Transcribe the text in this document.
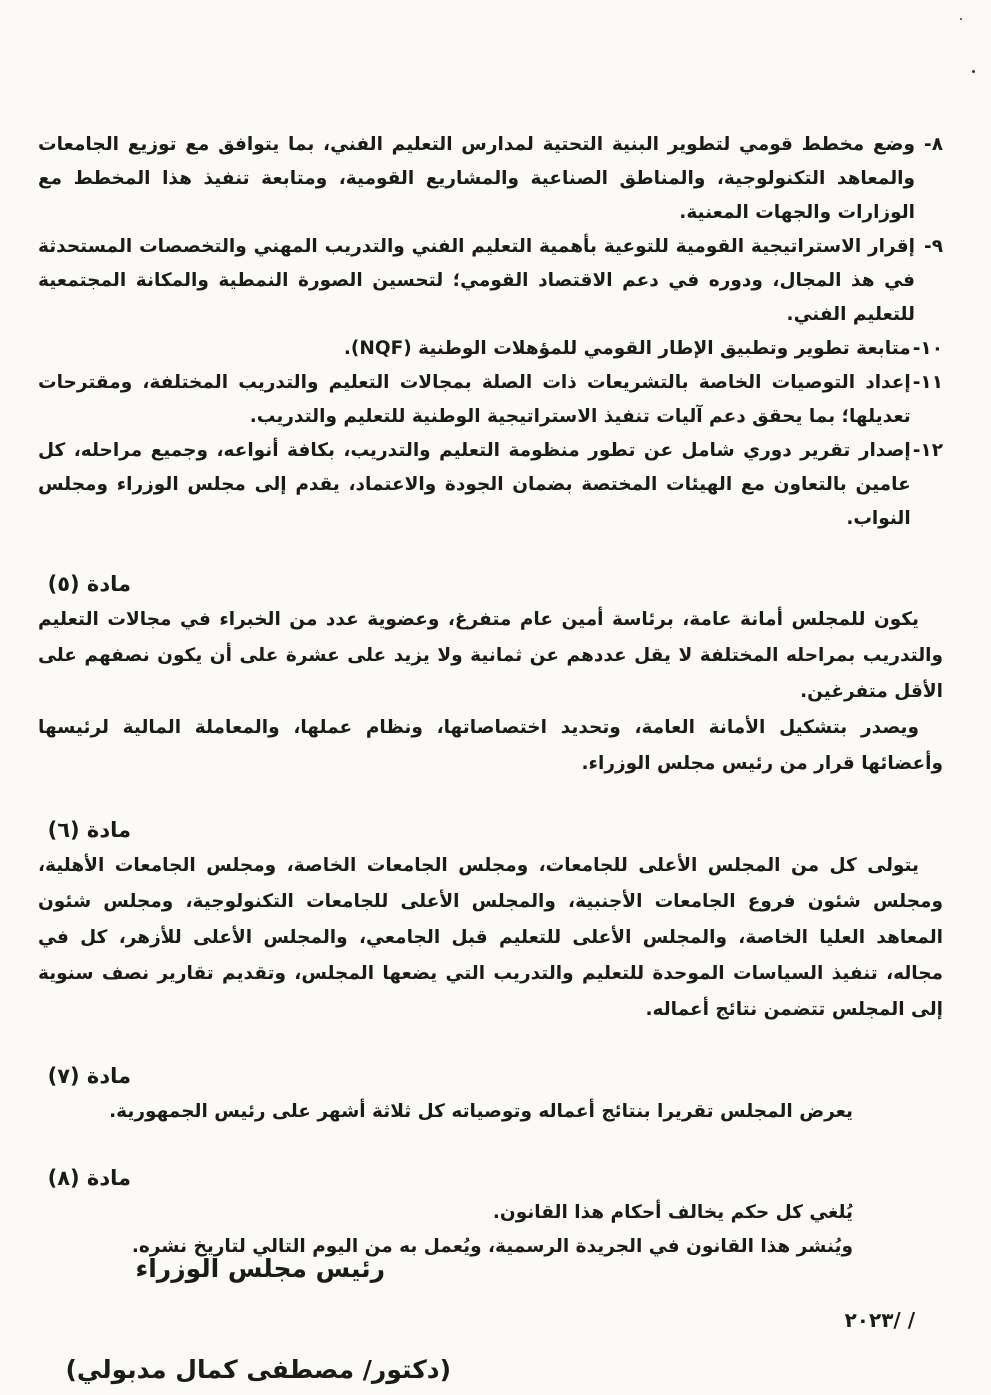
٨-
وضع مخطط قومي لتطوير البنية التحتية لمدارس التعليم الفني، بما يتوافق مع توزيع الجامعات والمعاهد التكنولوجية، والمناطق الصناعية والمشاريع القومية، ومتابعة تنفيذ هذا المخطط مع الوزارات والجهات المعنية.
٩-
إقرار الاستراتيجية القومية للتوعية بأهمية التعليم الفني والتدريب المهني والتخصصات المستحدثة في هذ المجال، ودوره في دعم الاقتصاد القومي؛ لتحسين الصورة النمطية والمكانة المجتمعية للتعليم الفني.
١٠-
متابعة تطوير وتطبيق الإطار القومي للمؤهلات الوطنية (NQF).
١١-
إعداد التوصيات الخاصة بالتشريعات ذات الصلة بمجالات التعليم والتدريب المختلفة، ومقترحات تعديلها؛ بما يحقق دعم آليات تنفيذ الاستراتيجية الوطنية للتعليم والتدريب.
١٢-
إصدار تقرير دوري شامل عن تطور منظومة التعليم والتدريب، بكافة أنواعه، وجميع مراحله، كل عامين بالتعاون مع الهيئات المختصة بضمان الجودة والاعتماد، يقدم إلى مجلس الوزراء ومجلس النواب.
مادة (٥)

يكون للمجلس أمانة عامة، برئاسة أمين عام متفرغ، وعضوية عدد من الخبراء في مجالات التعليم والتدريب بمراحله المختلفة لا يقل عددهم عن ثمانية ولا يزيد على عشرة على أن يكون نصفهم على الأقل متفرغين.

ويصدر بتشكيل الأمانة العامة، وتحديد اختصاصاتها، ونظام عملها، والمعاملة المالية لرئيسها وأعضائها قرار من رئيس مجلس الوزراء.

مادة (٦)

يتولى كل من المجلس الأعلى للجامعات، ومجلس الجامعات الخاصة، ومجلس الجامعات الأهلية، ومجلس شئون فروع الجامعات الأجنبية، والمجلس الأعلى للجامعات التكنولوجية، ومجلس شئون المعاهد العليا الخاصة، والمجلس الأعلى للتعليم قبل الجامعي، والمجلس الأعلى للأزهر، كل في مجاله، تنفيذ السياسات الموحدة للتعليم والتدريب التي يضعها المجلس، وتقديم تقارير نصف سنوية إلى المجلس تتضمن نتائج أعماله.

مادة (٧)

يعرض المجلس تقريرا بنتائج أعماله وتوصياته كل ثلاثة أشهر على رئيس الجمهورية.

مادة (٨)

يُلغي كل حكم يخالف أحكام هذا القانون.

ويُنشر هذا القانون في الجريدة الرسمية، ويُعمل به من اليوم التالي لتاريخ نشره.

رئيس مجلس الوزراء
/ /٢٠٢٣
(دكتور/ مصطفى كمال مدبولي)
